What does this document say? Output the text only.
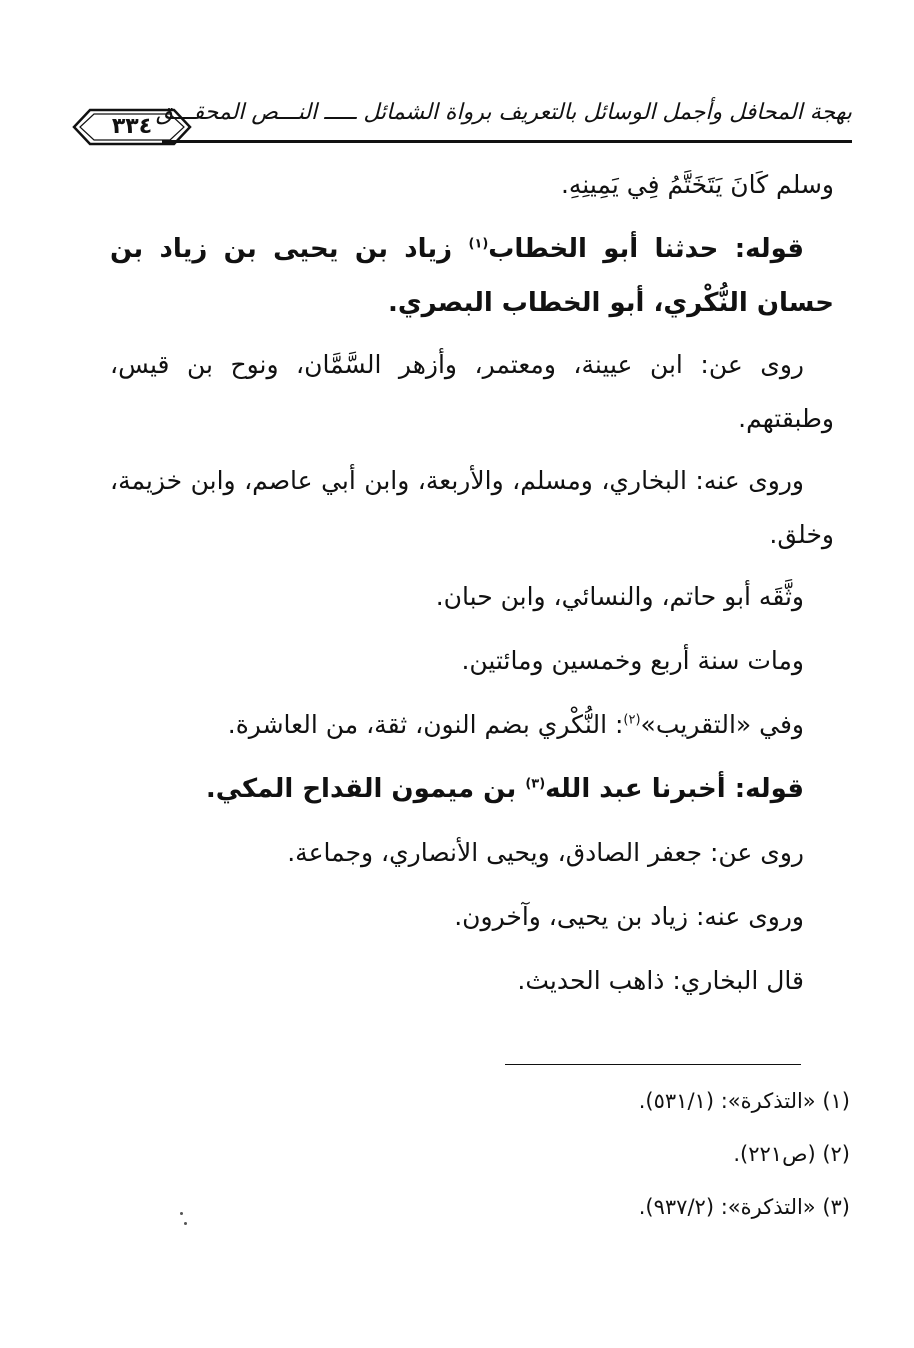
٣٣٤
بهجة المحافل وأجمل الوسائل بالتعريف برواة الشمائل ـــــ النـــص المحقـــق

وسلم كَانَ يَتَخَتَّمُ فِي يَمِينِهِ.

قوله: حدثنا أبو الخطاب$^{(١)}$ زياد بن يحيى بن زياد بن حسان النُّكْري، أبو الخطاب البصري.

روى عن: ابن عيينة، ومعتمر، وأزهر السَّمَّان، ونوح بن قيس، وطبقتهم.

وروى عنه: البخاري، ومسلم، والأربعة، وابن أبي عاصم، وابن خزيمة، وخلق.

وثَّقَه أبو حاتم، والنسائي، وابن حبان.

ومات سنة أربع وخمسين ومائتين.

وفي «التقريب»$^{(٢)}$: النُّكْري بضم النون، ثقة، من العاشرة.

قوله: أخبرنا عبد الله$^{(٣)}$ بن ميمون القداح المكي.

روى عن: جعفر الصادق، ويحيى الأنصاري، وجماعة.

وروى عنه: زياد بن يحيى، وآخرون.

قال البخاري: ذاهب الحديث.

(١) «التذكرة»: (٥٣١/١).

(٢) (ص٢٢١).

(٣) «التذكرة»: (٩٣٧/٢).
